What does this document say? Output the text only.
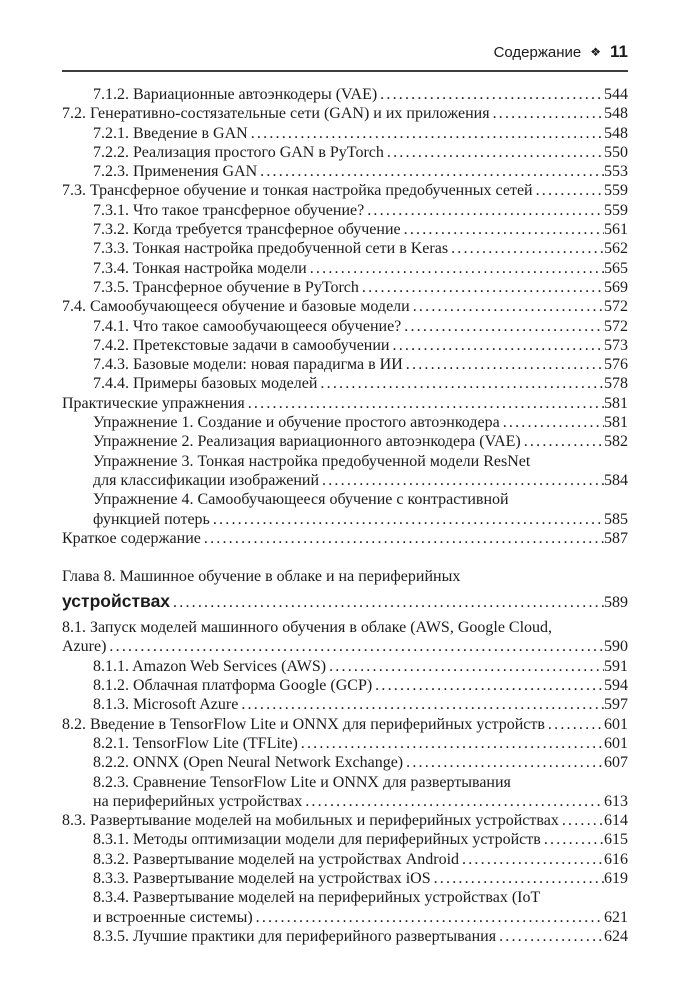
Содержание ❖ 11
7.1.2. Вариационные автоэнкодеры (VAE) .....	544
7.2. Генеративно-состязательные сети (GAN) и их приложения .....	548
7.2.1. Введение в GAN .....	548
7.2.2. Реализация простого GAN в PyTorch .....	550
7.2.3. Применения GAN .....	553
7.3. Трансферное обучение и тонкая настройка предобученных сетей .....	559
7.3.1. Что такое трансферное обучение? .....	559
7.3.2. Когда требуется трансферное обучение .....	561
7.3.3. Тонкая настройка предобученной сети в Keras .....	562
7.3.4. Тонкая настройка модели .....	565
7.3.5. Трансферное обучение в PyTorch .....	569
7.4. Самообучающееся обучение и базовые модели .....	572
7.4.1. Что такое самообучающееся обучение? .....	572
7.4.2. Претекстовые задачи в самообучении .....	573
7.4.3. Базовые модели: новая парадигма в ИИ .....	576
7.4.4. Примеры базовых моделей .....	578
Практические упражнения .....	581
Упражнение 1. Создание и обучение простого автоэнкодера .....	581
Упражнение 2. Реализация вариационного автоэнкодера (VAE) .....	582
Упражнение 3. Тонкая настройка предобученной модели ResNet
для классификации изображений .....	584
Упражнение 4. Самообучающееся обучение с контрастивной
функцией потерь .....	585
Краткое содержание .....	587
Глава 8. Машинное обучение в облаке и на периферийных
устройствах .....	589
8.1. Запуск моделей машинного обучения в облаке (AWS, Google Cloud,
Azure) .....	590
8.1.1. Amazon Web Services (AWS) .....	591
8.1.2. Облачная платформа Google (GCP) .....	594
8.1.3. Microsoft Azure .....	597
8.2. Введение в TensorFlow Lite и ONNX для периферийных устройств .....	601
8.2.1. TensorFlow Lite (TFLite) .....	601
8.2.2. ONNX (Open Neural Network Exchange) .....	607
8.2.3. Сравнение TensorFlow Lite и ONNX для развертывания
на периферийных устройствах .....	613
8.3. Развертывание моделей на мобильных и периферийных устройствах .....	614
8.3.1. Методы оптимизации модели для периферийных устройств .....	615
8.3.2. Развертывание моделей на устройствах Android .....	616
8.3.3. Развертывание моделей на устройствах iOS .....	619
8.3.4. Развертывание моделей на периферийных устройствах (IoT
и встроенные системы) .....	621
8.3.5. Лучшие практики для периферийного развертывания .....	624
